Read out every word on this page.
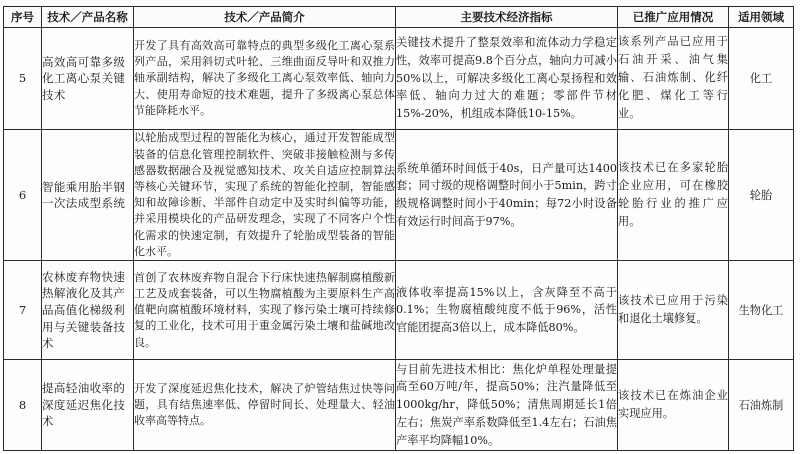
序号	技术／产品名称	技术／产品简介	主要技术经济指标	已推广应用情况	适用领域
5	高效高可靠多级化工离心泵关键技术	开发了具有高效高可靠特点的典型多级化工离心泵系列产品，采用斜切式叶轮、三维曲面反导叶和双推力轴承副结构，解决了多级化工离心泵效率低、轴向力大、使用寿命短的技术难题，提升了多级离心泵总体节能降耗水平。	关键技术提升了整泵效率和流体动力学稳定性，效率可提高9.8个百分点，轴向力可减小50%以上，可解决多级化工离心泵扬程和效率低、轴向力过大的难题；零部件节材15%-20%，机组成本降低10-15%。	该系列产品已应用于石油开采、油气集输、石油炼制、化纤化肥、煤化工等行业。	化工
6	智能乘用胎半钢一次法成型系统	以轮胎成型过程的智能化为核心，通过开发智能成型装备的信息化管理控制软件、突破非接触检测与多传感器数据融合及视觉感知技术、攻关自适应控制算法等核心关键环节，实现了系统的智能化控制，智能感知和故障诊断、半部件自动定中及实时纠偏等功能，并采用模块化的产品研发理念，实现了不同客户个性化需求的快速定制，有效提升了轮胎成型装备的智能化水平。	系统单循环时间低于40s，日产量可达1400套；同寸级的规格调整时间小于5min，跨寸级规格调整时间小于40min；每72小时设备有效运行时间高于97%。	该技术已在多家轮胎企业应用，可在橡胶轮胎行业的推广应用。	轮胎
7	农林废弃物快速热解液化及其产品高值化梯级利用与关键装备技术	首创了农林废弃物自混合下行床快速热解制腐植酸新工艺及成套装备，可以生物腐植酸为主要原料生产高值靶向腐植酸环境材料，实现了修污染土壤可持续修复的工业化，技术可用于重金属污染土壤和盐碱地改良。	液体收率提高15%以上，含灰降至不高于0.1%；生物腐植酸纯度不低于96%，活性官能团提高3倍以上，成本降低80%。	该技术已应用于污染和退化土壤修复。	生物化工
8	提高轻油收率的深度延迟焦化技术	开发了深度延迟焦化技术，解决了炉管结焦过快等问题，具有结焦速率低、停留时间长、处理量大、轻油收率高等特点。	与目前先进技术相比：焦化炉单程处理量提高至60万吨/年，提高50%；注汽量降低至1000kg/hr，降低50%；清焦周期延长1倍左右；焦炭产率系数降低至1.4左右；石油焦产率平均降幅10%。	该技术已在炼油企业实现应用。	石油炼制
